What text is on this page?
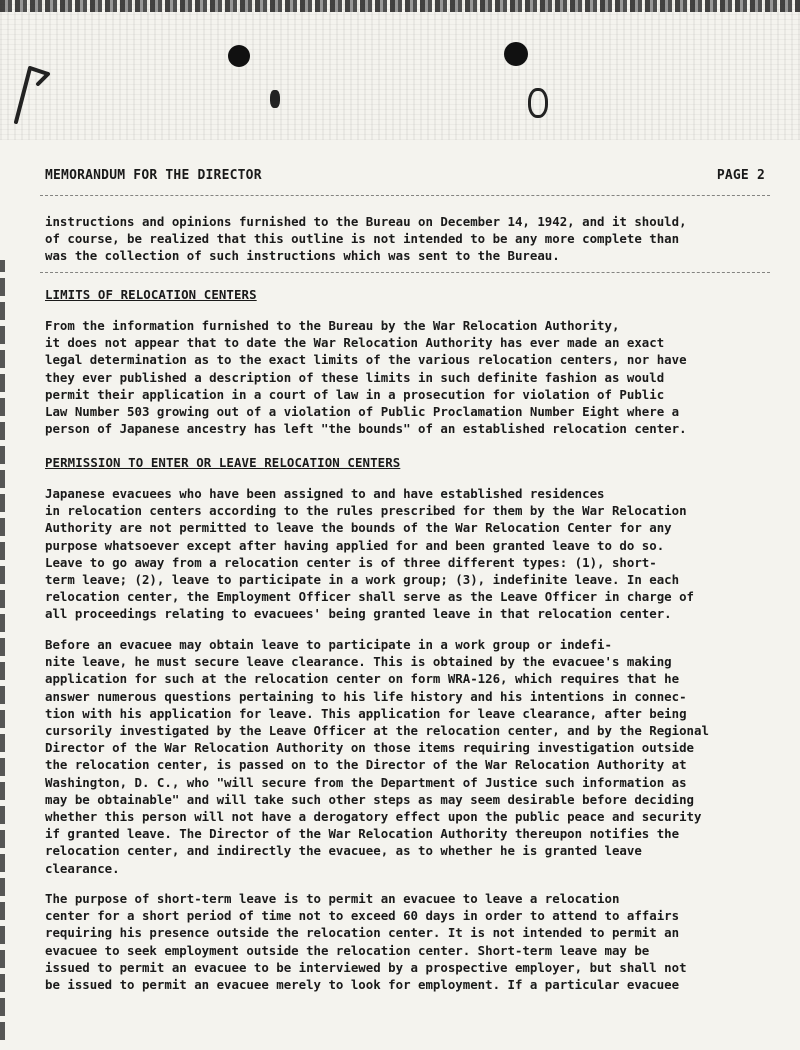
MEMORANDUM FOR THE DIRECTOR	PAGE 2
instructions and opinions furnished to the Bureau on December 14, 1942, and it should,
of course, be realized that this outline is not intended to be any more complete than
was the collection of such instructions which was sent to the Bureau.
LIMITS OF RELOCATION CENTERS
From the information furnished to the Bureau by the War Relocation Authority,
it does not appear that to date the War Relocation Authority has ever made an exact
legal determination as to the exact limits of the various relocation centers, nor have
they ever published a description of these limits in such definite fashion as would
permit their application in a court of law in a prosecution for violation of Public
Law Number 503 growing out of a violation of Public Proclamation Number Eight where a
person of Japanese ancestry has left "the bounds" of an established relocation center.
PERMISSION TO ENTER OR LEAVE RELOCATION CENTERS
Japanese evacuees who have been assigned to and have established residences
in relocation centers according to the rules prescribed for them by the War Relocation
Authority are not permitted to leave the bounds of the War Relocation Center for any
purpose whatsoever except after having applied for and been granted leave to do so.
Leave to go away from a relocation center is of three different types: (1), short-
term leave; (2), leave to participate in a work group; (3), indefinite leave. In each
relocation center, the Employment Officer shall serve as the Leave Officer in charge of
all proceedings relating to evacuees' being granted leave in that relocation center.
Before an evacuee may obtain leave to participate in a work group or indefi-
nite leave, he must secure leave clearance. This is obtained by the evacuee's making
application for such at the relocation center on form WRA-126, which requires that he
answer numerous questions pertaining to his life history and his intentions in connec-
tion with his application for leave. This application for leave clearance, after being
cursorily investigated by the Leave Officer at the relocation center, and by the Regional
Director of the War Relocation Authority on those items requiring investigation outside
the relocation center, is passed on to the Director of the War Relocation Authority at
Washington, D. C., who "will secure from the Department of Justice such information as
may be obtainable" and will take such other steps as may seem desirable before deciding
whether this person will not have a derogatory effect upon the public peace and security
if granted leave. The Director of the War Relocation Authority thereupon notifies the
relocation center, and indirectly the evacuee, as to whether he is granted leave
clearance.
The purpose of short-term leave is to permit an evacuee to leave a relocation
center for a short period of time not to exceed 60 days in order to attend to affairs
requiring his presence outside the relocation center. It is not intended to permit an
evacuee to seek employment outside the relocation center. Short-term leave may be
issued to permit an evacuee to be interviewed by a prospective employer, but shall not
be issued to permit an evacuee merely to look for employment. If a particular evacuee
